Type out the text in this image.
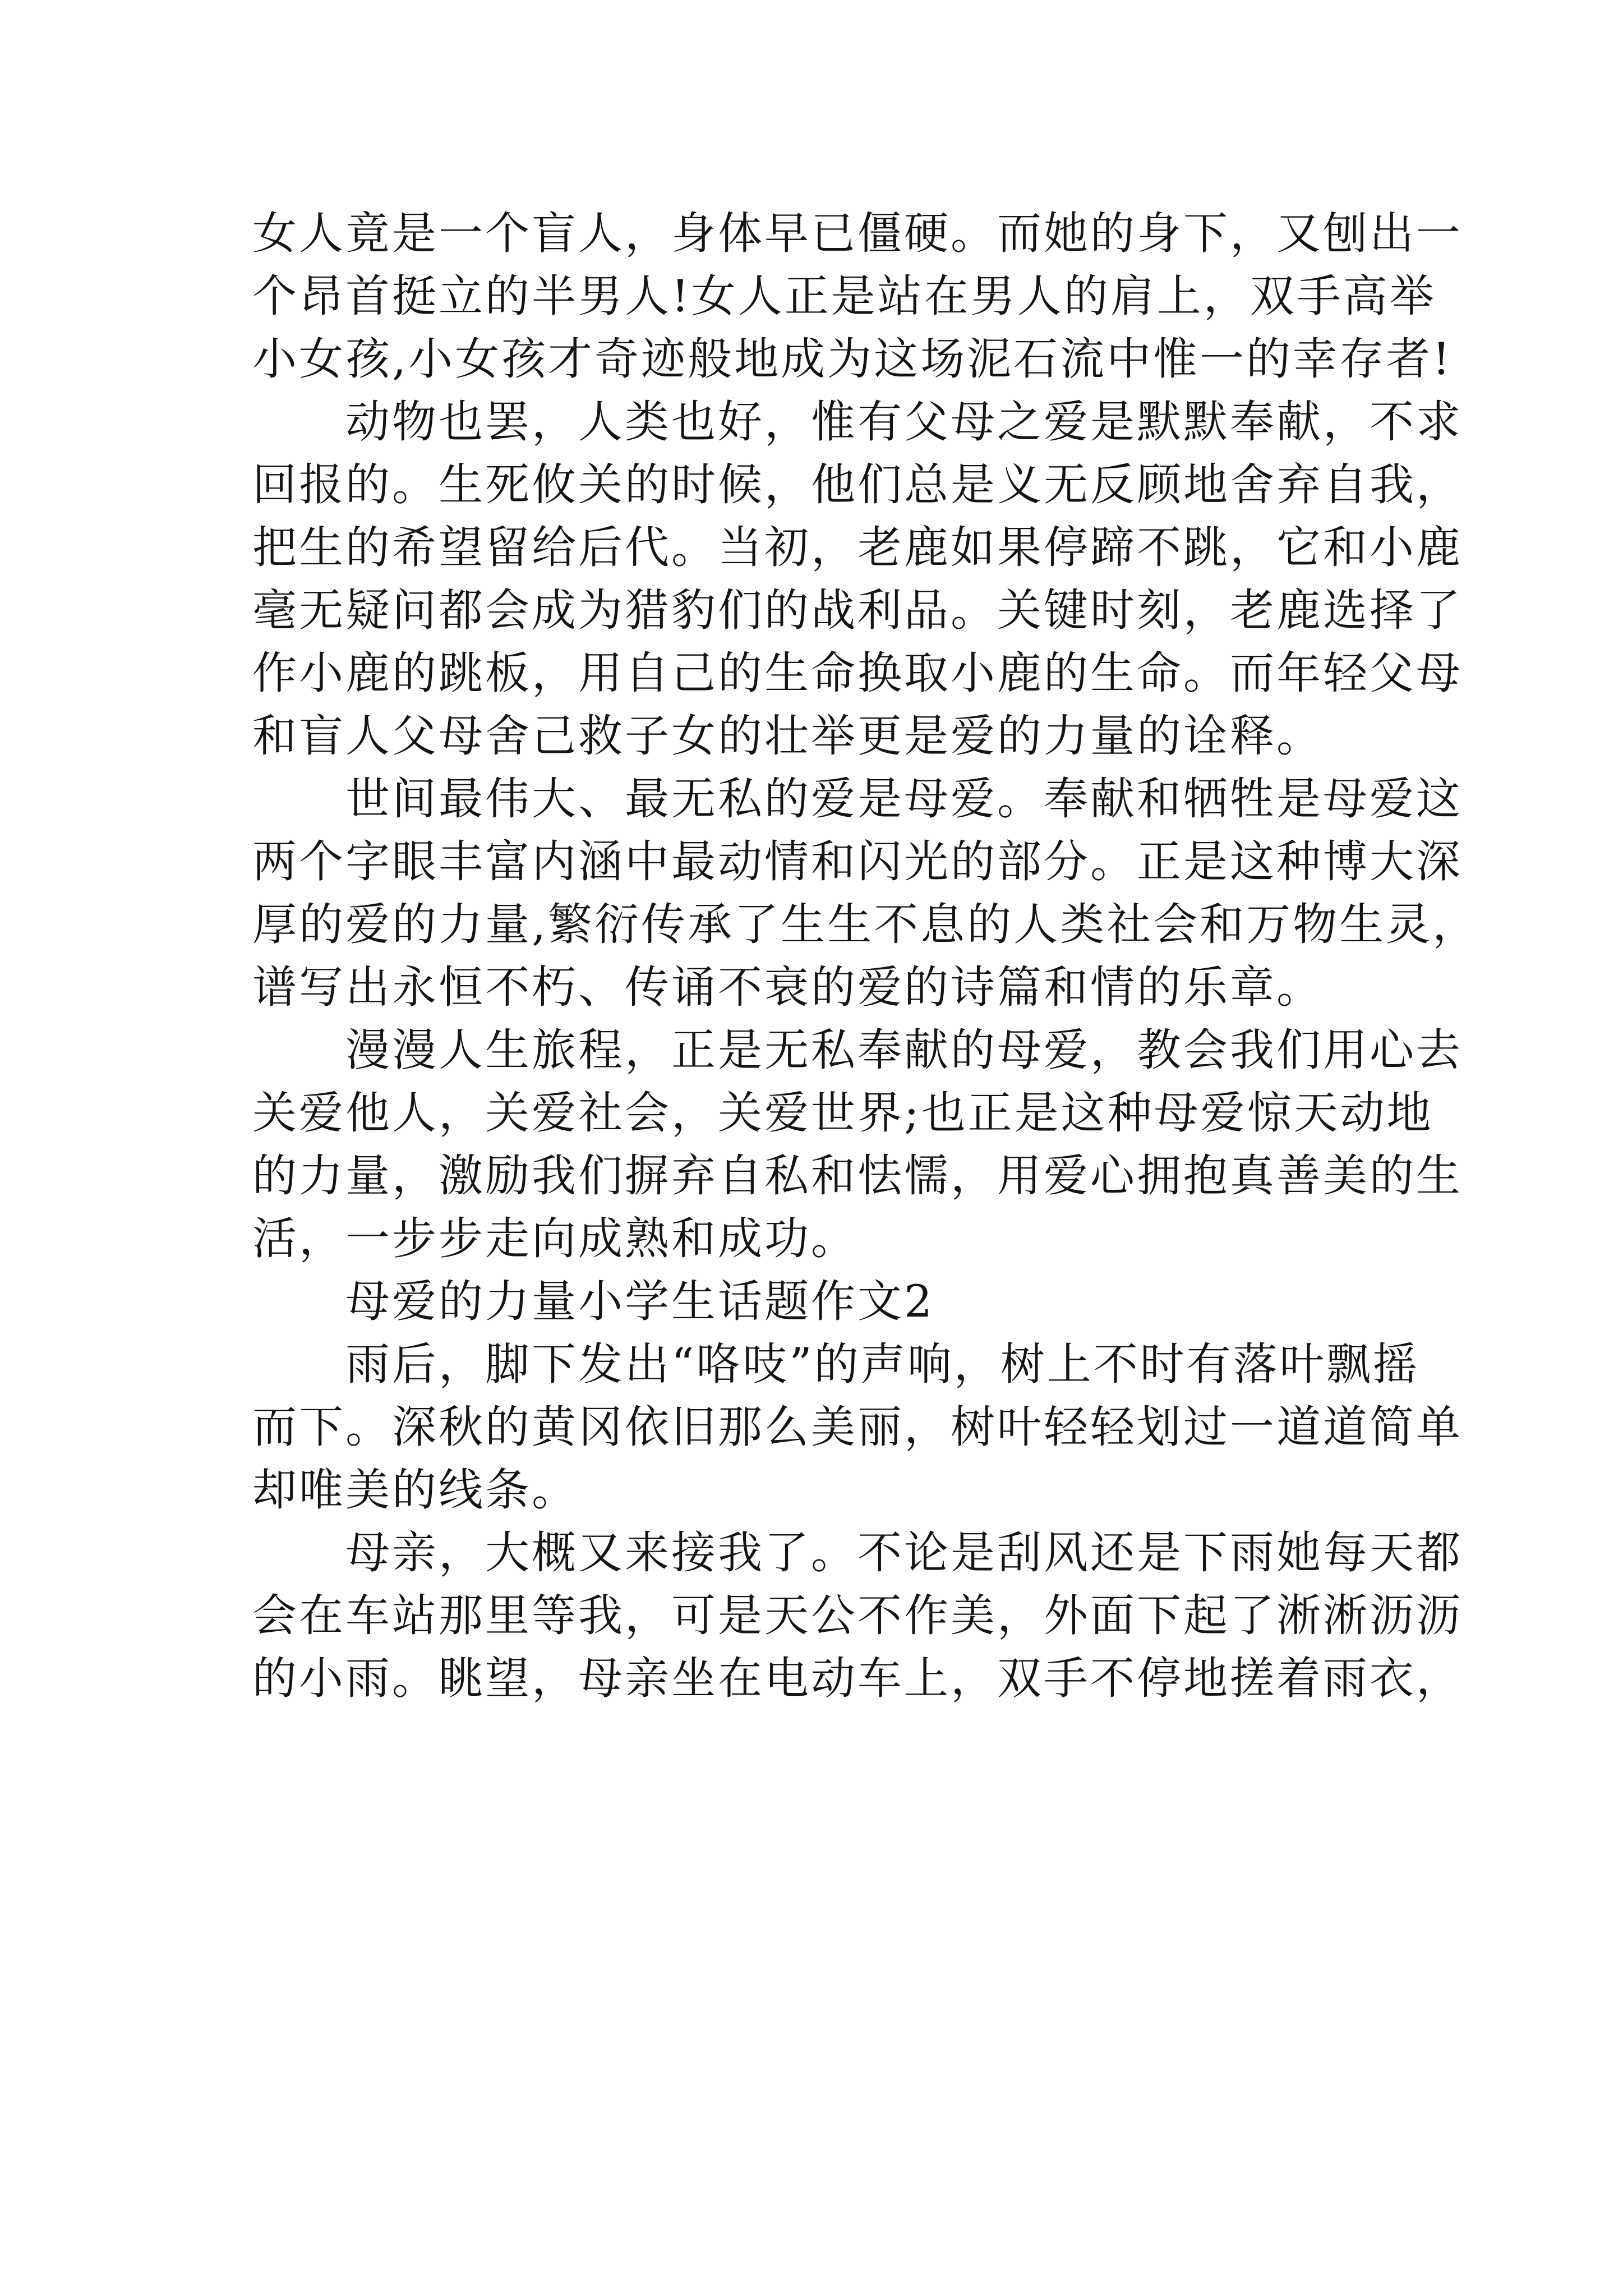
女人竟是一个盲人，身体早已僵硬。而她的身下，又刨出一
个昂首挺立的半男人!女人正是站在男人的肩上，双手高举
小女孩,小女孩才奇迹般地成为这场泥石流中惟一的幸存者!
动物也罢，人类也好，惟有父母之爱是默默奉献，不求
回报的。生死攸关的时候，他们总是义无反顾地舍弃自我，
把生的希望留给后代。当初，老鹿如果停蹄不跳，它和小鹿
毫无疑问都会成为猎豹们的战利品。关键时刻，老鹿选择了
作小鹿的跳板，用自己的生命换取小鹿的生命。而年轻父母
和盲人父母舍己救子女的壮举更是爱的力量的诠释。
世间最伟大、最无私的爱是母爱。奉献和牺牲是母爱这
两个字眼丰富内涵中最动情和闪光的部分。正是这种博大深
厚的爱的力量,繁衍传承了生生不息的人类社会和万物生灵，
谱写出永恒不朽、传诵不衰的爱的诗篇和情的乐章。
漫漫人生旅程，正是无私奉献的母爱，教会我们用心去
关爱他人，关爱社会，关爱世界;也正是这种母爱惊天动地
的力量，激励我们摒弃自私和怯懦，用爱心拥抱真善美的生
活，一步步走向成熟和成功。
母爱的力量小学生话题作文2
雨后，脚下发出“咯吱”的声响，树上不时有落叶飘摇
而下。深秋的黄冈依旧那么美丽，树叶轻轻划过一道道简单
却唯美的线条。
母亲，大概又来接我了。不论是刮风还是下雨她每天都
会在车站那里等我，可是天公不作美，外面下起了淅淅沥沥
的小雨。眺望，母亲坐在电动车上，双手不停地搓着雨衣，
